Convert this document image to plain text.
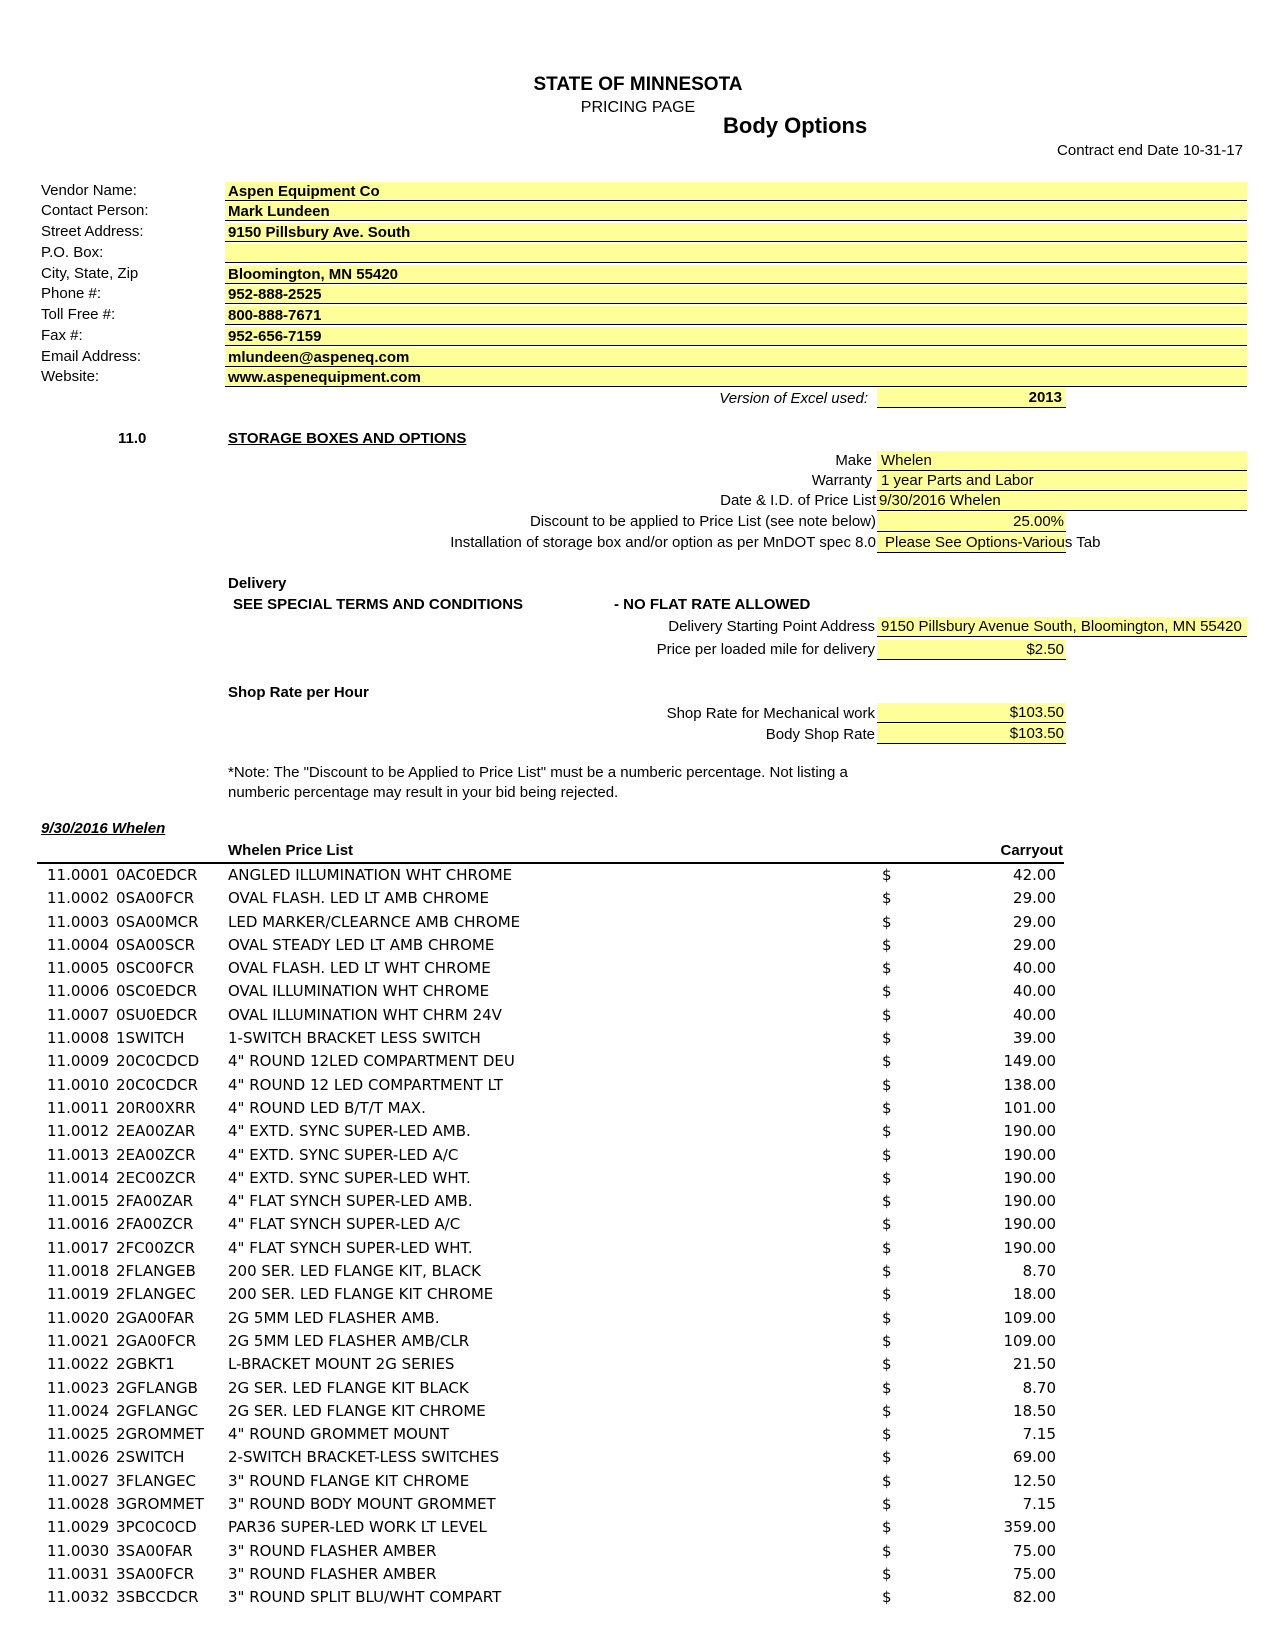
STATE OF MINNESOTA
PRICING PAGE
Body Options
Contract end Date 10-31-17
Vendor Name:	Aspen Equipment Co
Contact Person:	Mark Lundeen
Street Address:	9150 Pillsbury Ave. South
P.O. Box:
City, State, Zip	Bloomington, MN 55420
Phone #:	952-888-2525
Toll Free #:	800-888-7671
Fax #:	952-656-7159
Email Address:	mlundeen@aspeneq.com
Website:	www.aspenequipment.com
Version of Excel used:	2013
11.0	STORAGE BOXES AND OPTIONS
Make Whelen
Warranty 1 year Parts and Labor
Date & I.D. of Price List 9/30/2016 Whelen
Discount to be applied to Price List (see note below)	25.00%
Installation of storage box and/or option as per MnDOT spec 8.0 Please See Options-Various Tab
Delivery
SEE SPECIAL TERMS AND CONDITIONS	- NO FLAT RATE ALLOWED
Delivery Starting Point Address 9150 Pillsbury Avenue South, Bloomington, MN 55420
Price per loaded mile for delivery	$2.50
Shop Rate per Hour
Shop Rate for Mechanical work	$103.50
Body Shop Rate	$103.50
*Note: The "Discount to be Applied to Price List" must be a numberic percentage. Not listing a numberic percentage may result in your bid being rejected.
9/30/2016 Whelen
Whelen Price List	Carryout
11.0001 0AC0EDCR ANGLED ILLUMINATION WHT CHROME	$	42.00
11.0002 0SA00FCR OVAL FLASH. LED LT AMB CHROME	$	29.00
11.0003 0SA00MCR LED MARKER/CLEARNCE AMB CHROME	$	29.00
11.0004 0SA00SCR OVAL STEADY LED LT AMB CHROME	$	29.00
11.0005 0SC00FCR OVAL FLASH. LED LT WHT CHROME	$	40.00
11.0006 0SC0EDCR OVAL ILLUMINATION WHT CHROME	$	40.00
11.0007 0SU0EDCR OVAL ILLUMINATION WHT CHRM 24V	$	40.00
11.0008 1SWITCH	1-SWITCH BRACKET LESS SWITCH	$	39.00
11.0009 20C0CDCD 4" ROUND 12LED COMPARTMENT DEU	$	149.00
11.0010 20C0CDCR 4" ROUND 12 LED COMPARTMENT LT	$	138.00
11.0011 20R00XRR 4" ROUND LED B/T/T MAX.	$	101.00
11.0012 2EA00ZAR 4" EXTD. SYNC SUPER-LED AMB.	$	190.00
11.0013 2EA00ZCR 4" EXTD. SYNC SUPER-LED A/C	$	190.00
11.0014 2EC00ZCR 4" EXTD. SYNC SUPER-LED WHT.	$	190.00
11.0015 2FA00ZAR 4" FLAT SYNCH SUPER-LED AMB.	$	190.00
11.0016 2FA00ZCR 4" FLAT SYNCH SUPER-LED A/C	$	190.00
11.0017 2FC00ZCR 4" FLAT SYNCH SUPER-LED WHT.	$	190.00
11.0018 2FLANGEB 200 SER. LED FLANGE KIT, BLACK	$	8.70
11.0019 2FLANGEC 200 SER. LED FLANGE KIT CHROME	$	18.00
11.0020 2GA00FAR 2G 5MM LED FLASHER AMB.	$	109.00
11.0021 2GA00FCR 2G 5MM LED FLASHER AMB/CLR	$	109.00
11.0022 2GBKT1	L-BRACKET MOUNT 2G SERIES	$	21.50
11.0023 2GFLANGB 2G SER. LED FLANGE KIT BLACK	$	8.70
11.0024 2GFLANGC 2G SER. LED FLANGE KIT CHROME	$	18.50
11.0025 2GROMMET 4" ROUND GROMMET MOUNT	$	7.15
11.0026 2SWITCH	2-SWITCH BRACKET-LESS SWITCHES	$	69.00
11.0027 3FLANGEC 3" ROUND FLANGE KIT CHROME	$	12.50
11.0028 3GROMMET 3" ROUND BODY MOUNT GROMMET	$	7.15
11.0029 3PC0C0CD PAR36 SUPER-LED WORK LT LEVEL	$	359.00
11.0030 3SA00FAR 3" ROUND FLASHER AMBER	$	75.00
11.0031 3SA00FCR 3" ROUND FLASHER AMBER	$	75.00
11.0032 3SBCCDCR 3" ROUND SPLIT BLU/WHT COMPART	$	82.00
